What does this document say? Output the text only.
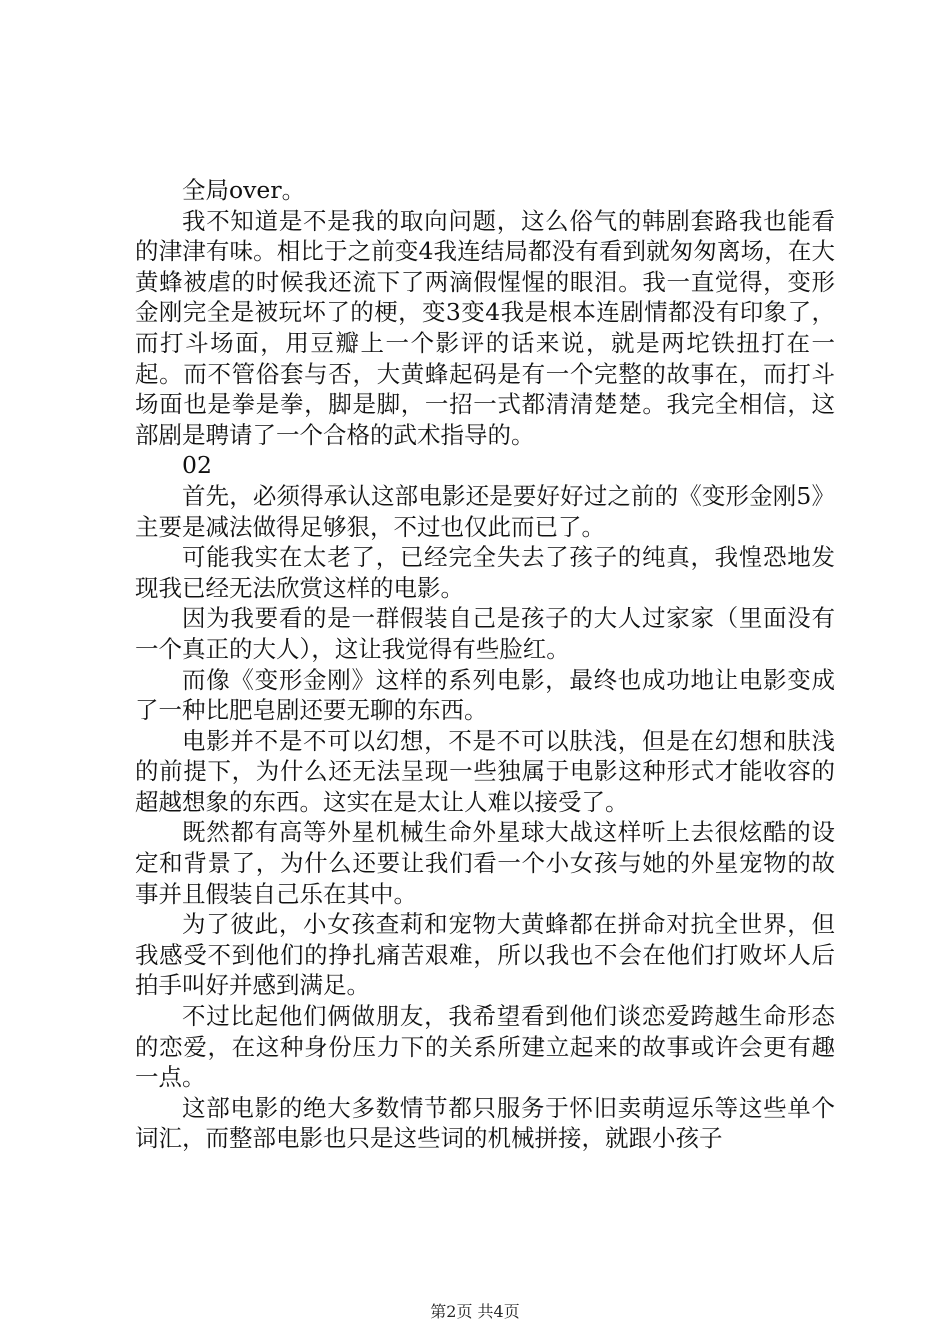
全局over。

我不知道是不是我的取向问题，这么俗气的韩剧套路我也能看的津津有味。相比于之前变4我连结局都没有看到就匆匆离场，在大黄蜂被虐的时候我还流下了两滴假惺惺的眼泪。我一直觉得，变形金刚完全是被玩坏了的梗，变3变4我是根本连剧情都没有印象了，而打斗场面，用豆瓣上一个影评的话来说，就是两坨铁扭打在一起。而不管俗套与否，大黄蜂起码是有一个完整的故事在，而打斗场面也是拳是拳，脚是脚，一招一式都清清楚楚。我完全相信，这部剧是聘请了一个合格的武术指导的。

02

首先，必须得承认这部电影还是要好好过之前的《变形金刚5》主要是减法做得足够狠，不过也仅此而已了。

可能我实在太老了，已经完全失去了孩子的纯真，我惶恐地发现我已经无法欣赏这样的电影。

因为我要看的是一群假装自己是孩子的大人过家家（里面没有一个真正的大人），这让我觉得有些脸红。

而像《变形金刚》这样的系列电影，最终也成功地让电影变成了一种比肥皂剧还要无聊的东西。

电影并不是不可以幻想，不是不可以肤浅，但是在幻想和肤浅的前提下，为什么还无法呈现一些独属于电影这种形式才能收容的超越想象的东西。这实在是太让人难以接受了。

既然都有高等外星机械生命外星球大战这样听上去很炫酷的设定和背景了，为什么还要让我们看一个小女孩与她的外星宠物的故事并且假装自己乐在其中。

为了彼此，小女孩查莉和宠物大黄蜂都在拼命对抗全世界，但我感受不到他们的挣扎痛苦艰难，所以我也不会在他们打败坏人后拍手叫好并感到满足。

不过比起他们俩做朋友，我希望看到他们谈恋爱跨越生命形态的恋爱，在这种身份压力下的关系所建立起来的故事或许会更有趣一点。

这部电影的绝大多数情节都只服务于怀旧卖萌逗乐等这些单个词汇，而整部电影也只是这些词的机械拼接，就跟小孩子

第2页 共4页
